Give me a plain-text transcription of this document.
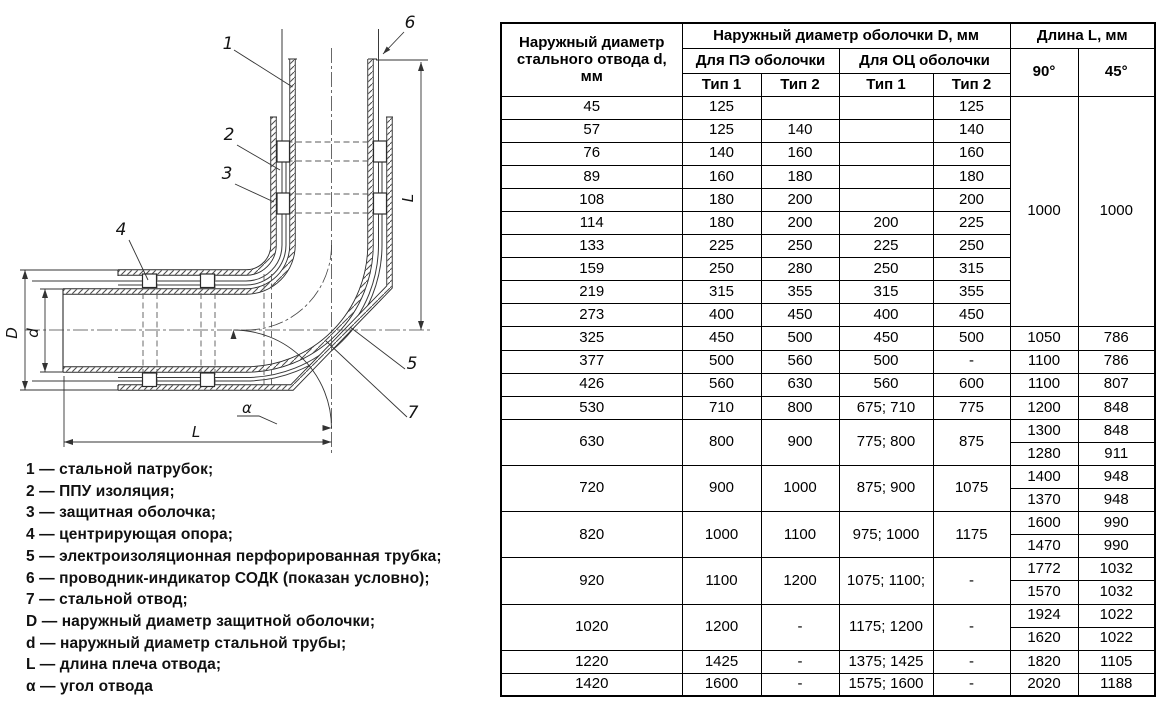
D d
L
L
α
1
2
3
4
5
6
7
1 — стальной патрубок;
2 — ППУ изоляция;
3 — защитная оболочка;
4 — центрирующая опора;
5 — электроизоляционная перфорированная трубка;
6 — проводник-индикатор СОДК (показан условно);
7 — стальной отвод;
D — наружный диаметр защитной оболочки;
d — наружный диаметр стальной трубы;
L — длина плеча отвода;
α — угол отвода
Наружный диаметр стального отвода d, мм	Наружный диаметр оболочки D, мм				Длина L, мм	
	Для ПЭ оболочки		Для ОЦ оболочки		90°	45°
	Тип 1	Тип 2	Тип 1	Тип 2		
45	125			125	1000	1000
57	125	140		140		
76	140	160		160		
89	160	180		180		
108	180	200		200		
114	180	200	200	225		
133	225	250	225	250		
159	250	280	250	315		
219	315	355	315	355		
273	400	450	400	450		
325	450	500	450	500	1050	786
377	500	560	500	-	1100	786
426	560	630	560	600	1100	807
530	710	800	675; 710	775	1200	848
630	800	900	775; 800	875	1300	848
					1280	911
720	900	1000	875; 900	1075	1400	948
					1370	948
820	1000	1100	975; 1000	1175	1600	990
					1470	990
920	1100	1200	1075; 1100;	-	1772	1032
					1570	1032
1020	1200	-	1175; 1200	-	1924	1022
					1620	1022
1220	1425	-	1375; 1425	-	1820	1105
1420	1600	-	1575; 1600	-	2020	1188
